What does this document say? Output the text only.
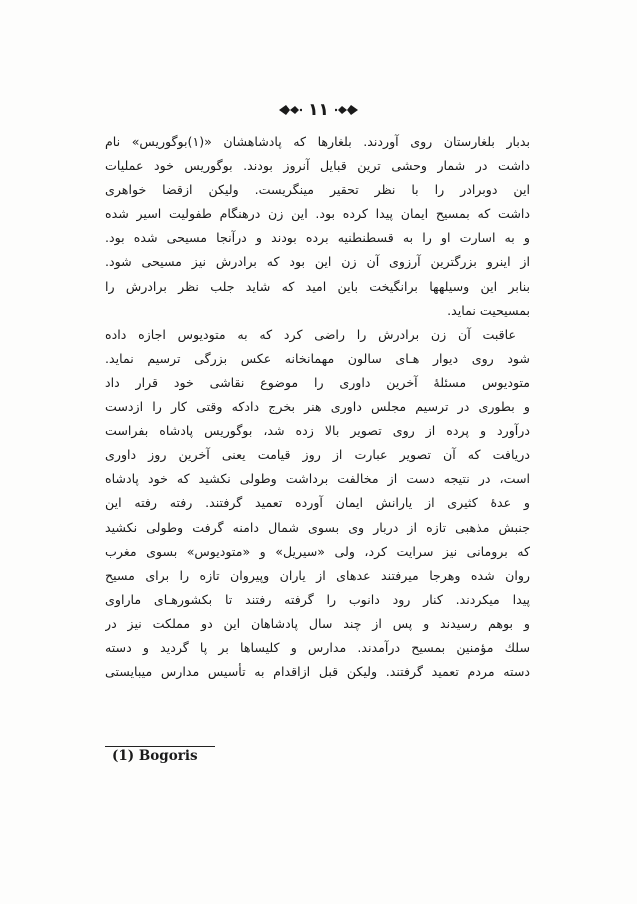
١١
بدبار بلغارستان روی آوردند. بلغارها که پادشاهشان «(۱)بوگوریس» نام
داشت در شمار وحشی ترین قبایل آنروز بودند. بوگوریس خود عملیات
این دوبرادر را با نظر تحقیر مینگریست. ولیکن ازقضا خواهری
داشت که بمسیح ایمان پیدا کرده بود. این زن درهنگام طفولیت اسیر شده
و به اسارت او را به قسطنطنیه برده بودند و درآنجا مسیحی شده بود.
از اینرو بزرگترین آرزوی آن زن این بود که برادرش نیز مسیحی شود.
بنابر این وسیلهها برانگیخت باین امید که شاید جلب نظر برادرش را
بمسیحیت نماید.
عاقبت آن زن برادرش را راضی کرد که به متودیوس اجازه داده
شود روی دیوار هـای سالون مهمانخانه عکس بزرگی ترسیم نماید.
متودیوس مسئلهٔ آخرین داوری را موضوع نقاشی خود قرار داد
و بطوری در ترسیم مجلس داوری هنر بخرج دادکه وقتی کار را ازدست
درآورد و پرده از روی تصویر بالا زده شد، بوگوریس پادشاه بفراست
دریافت که آن تصویر عبارت از روز قیامت یعنی آخرین روز داوری
است، در نتیجه دست از مخالفت برداشت وطولی نکشید که خود پادشاه
و عدهٔ کثیری از یارانش ایمان آورده تعمید گرفتند. رفته رفته این
جنبش مذهبی تازه از دربار وی بسوی شمال دامنه گرفت وطولی نکشید
که برومانی نیز سرایت کرد، ولی «سیریل» و «متودیوس» بسوی مغرب
روان شده وهرجا میرفتند عدهای از یاران وپیروان تازه را برای مسیح
پیدا میکردند. کنار رود دانوب را گرفته رفتند تا بکشورهـای ماراوی
و بوهم رسیدند و پس از چند سال پادشاهان این دو مملکت نیز در
سلك مؤمنین بمسیح درآمدند. مدارس و کلیساها بر پا گردید و دسته
دسته مردم تعمید گرفتند. ولیکن قبل ازاقدام به تأسیس مدارس میبایستی
(1) Bogoris
